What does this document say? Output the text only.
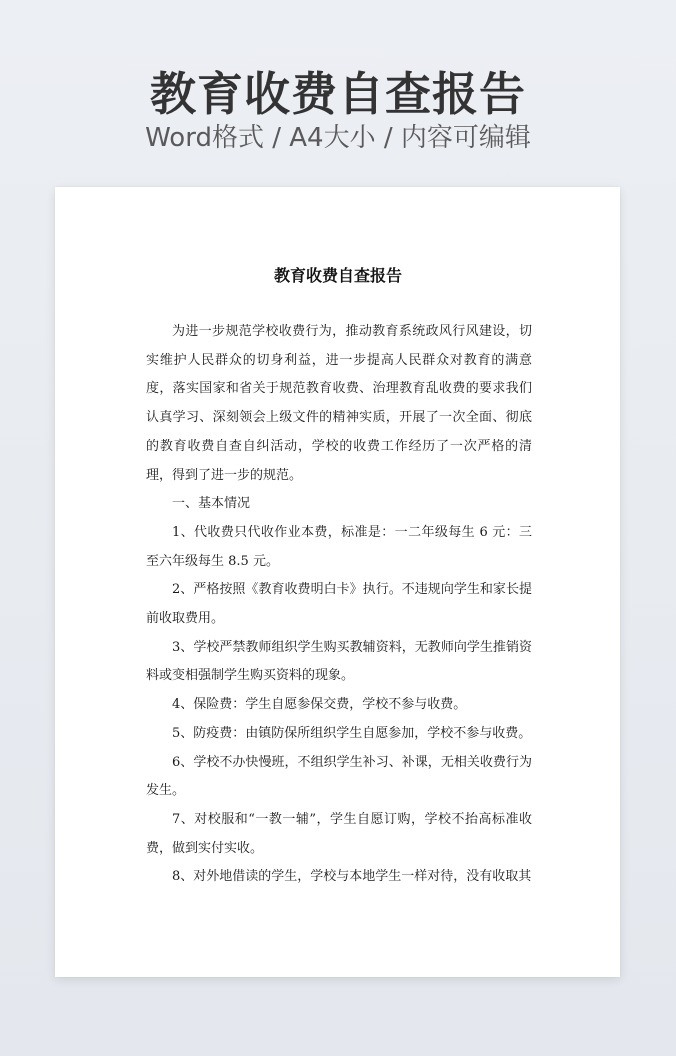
教育收费自查报告
Word格式 / A4大小 / 内容可编辑
教育收费自查报告

为进一步规范学校收费行为，推动教育系统政风行风建设，切实维护人民群众的切身利益，进一步提高人民群众对教育的满意度，落实国家和省关于规范教育收费、治理教育乱收费的要求我们认真学习、深刻领会上级文件的精神实质，开展了一次全面、彻底的教育收费自查自纠活动，学校的收费工作经历了一次严格的清理，得到了进一步的规范。

一、基本情况

1、代收费只代收作业本费，标准是：一二年级每生 6 元：三至六年级每生 8.5 元。

2、严格按照《教育收费明白卡》执行。不违规向学生和家长提前收取费用。

3、学校严禁教师组织学生购买教辅资料，无教师向学生推销资料或变相强制学生购买资料的现象。

4、保险费：学生自愿参保交费，学校不参与收费。

5、防疫费：由镇防保所组织学生自愿参加，学校不参与收费。

6、学校不办快慢班，不组织学生补习、补课，无相关收费行为发生。

7、对校服和“一教一辅”，学生自愿订购，学校不抬高标准收费，做到实付实收。

8、对外地借读的学生，学校与本地学生一样对待，没有收取其
